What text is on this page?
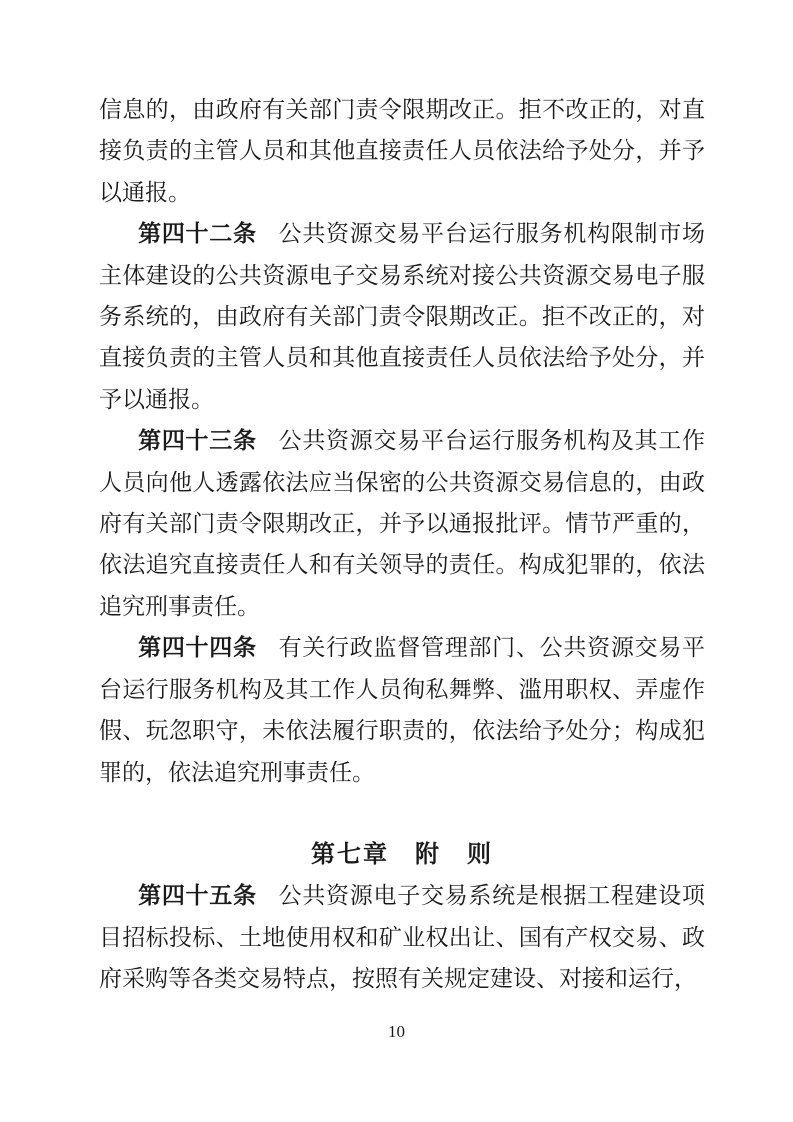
信息的，由政府有关部门责令限期改正。拒不改正的，对直接负责的主管人员和其他直接责任人员依法给予处分，并予以通报。

第四十二条 公共资源交易平台运行服务机构限制市场主体建设的公共资源电子交易系统对接公共资源交易电子服务系统的，由政府有关部门责令限期改正。拒不改正的，对直接负责的主管人员和其他直接责任人员依法给予处分，并予以通报。

第四十三条 公共资源交易平台运行服务机构及其工作人员向他人透露依法应当保密的公共资源交易信息的，由政府有关部门责令限期改正，并予以通报批评。情节严重的，依法追究直接责任人和有关领导的责任。构成犯罪的，依法追究刑事责任。

第四十四条 有关行政监督管理部门、公共资源交易平台运行服务机构及其工作人员徇私舞弊、滥用职权、弄虚作假、玩忽职守，未依法履行职责的，依法给予处分；构成犯罪的，依法追究刑事责任。

第七章　附　则

第四十五条 公共资源电子交易系统是根据工程建设项目招标投标、土地使用权和矿业权出让、国有产权交易、政府采购等各类交易特点，按照有关规定建设、对接和运行，

10
